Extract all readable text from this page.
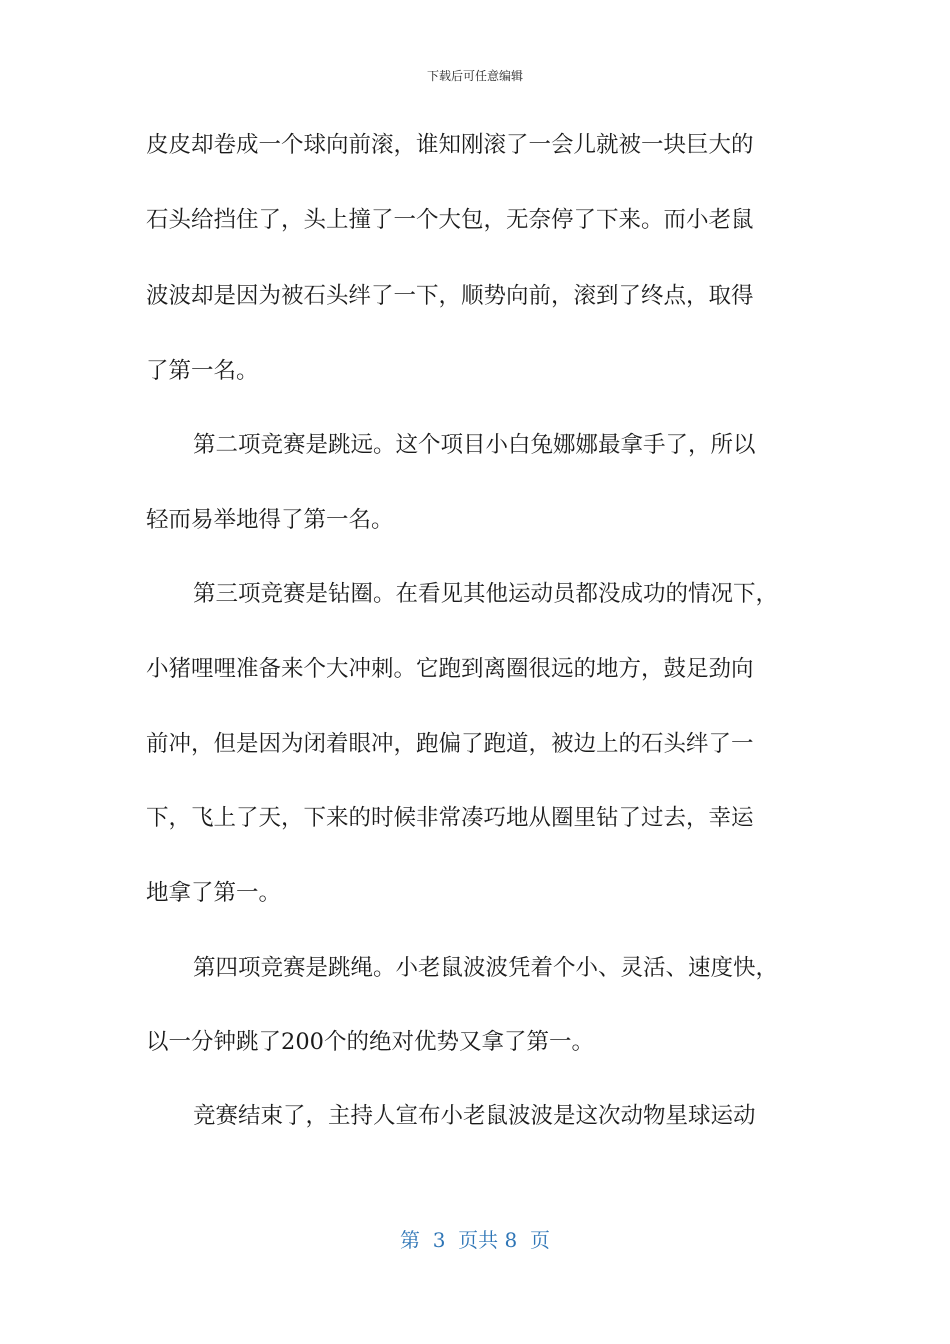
下载后可任意编辑
皮皮却卷成一个球向前滚，谁知刚滚了一会儿就被一块巨大的
石头给挡住了，头上撞了一个大包，无奈停了下来。而小老鼠
波波却是因为被石头绊了一下，顺势向前，滚到了终点，取得
了第一名。
第二项竞赛是跳远。这个项目小白兔娜娜最拿手了，所以
轻而易举地得了第一名。
第三项竞赛是钻圈。在看见其他运动员都没成功的情况下，
小猪哩哩准备来个大冲刺。它跑到离圈很远的地方，鼓足劲向
前冲，但是因为闭着眼冲，跑偏了跑道，被边上的石头绊了一
下，飞上了天，下来的时候非常凑巧地从圈里钻了过去，幸运
地拿了第一。
第四项竞赛是跳绳。小老鼠波波凭着个小、灵活、速度快，
以一分钟跳了200个的绝对优势又拿了第一。
竞赛结束了，主持人宣布小老鼠波波是这次动物星球运动
第  3  页共 8  页
